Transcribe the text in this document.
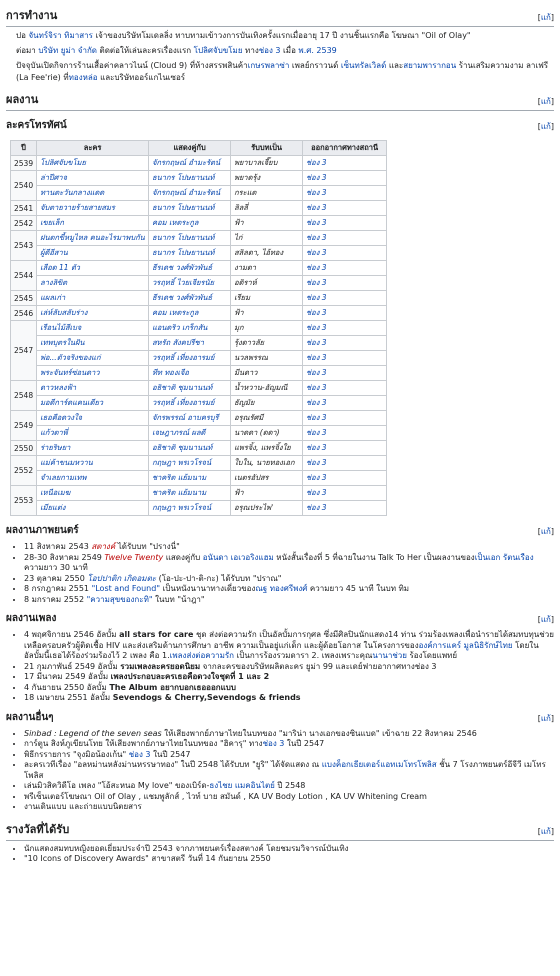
การทำงาน	[แก้]

ปอ จันทร์จิรา ทิมาสาร เจ้าของบริษัทโมเดลลิ่ง ทาบทามเข้าวงการบันเทิงครั้งแรกเมื่ออายุ 17 ปี งานชิ้นแรกคือ โฆษณา "Oil of Olay"

ต่อมา บริษัท ยูม่า จำกัด ติดต่อให้เล่นละครเรื่องแรก โปลิศจับขโมย ทางช่อง 3 เมื่อ พ.ศ. 2539

ปัจจุบันเปิดกิจการร้านเสื้อค่าคลาวไนน์ (Cloud 9) ที่ห้างสรรพสินค้าเกษรพลาซ่า เพลย์กราวนด์ เซ็นทรัลเวิลด์ และสยามพารากอน ร้านเสริมความงาม ลาเฟรี (La Fee'rie) ที่ทองหล่อ และบริษัทออร์แกไนเซอร์

ผลงาน	[แก้]
ละครโทรทัศน์	[แก้]
ปี	ละคร	แสดงคู่กับ	รับบทเป็น	ออกอากาศทางสถานี
2539	โปลิศจับขโมย	จักรกฤษณ์ อำมะรัตน์	พยาบาลเจี๊ยบ	ช่อง 3
2540	ล่าปีศาจ	ธนากร โปษยานนท์	พยาดรุ้ง	ช่อง 3
	ทานตะวันกลางแดด	จักรกฤษณ์ อำมะรัตน์	กระแต	ช่อง 3
2541	จับตายวายร้ายสายสมร	ธนากร โปษยานนท์	ลิลลี่	ช่อง 3
2542	เขยเล็ก	คอม เหตระกูล	ฟ้า	ช่อง 3
2543	ฝนตกขี้หมูไหล คนอะไรมาพบกัน	ธนากร โปษยานนท์	ไก่	ช่อง 3
	ผู้ดีอีสาน	ธนากร โปษยานนท์	สลิลดา, ไอ้ทอง	ช่อง 3
2544	เลือด 11 ตัว	ธีรเดช วงศ์พัวพันธ์	งามดา	ช่อง 3
	ลางลิขิต	วรฤทธิ์ ไวยเจียรนัย	อดิราห์	ช่อง 3
2545	แผลเก่า	ธีรเดช วงศ์พัวพันธ์	เรียม	ช่อง 3
2546	เล่ห์ลับสลับร่าง	คอม เหตระกูล	ฟ้า	ช่อง 3
2547	เรือนไม้สีเบจ	แอนดริว เกร็กสัน	มุก	ช่อง 3
	เทพบุตรในฝัน	สหรัถ สังคปรีชา	รุ้งดาวลัย	ช่อง 3
	พ่อ...ตัวจริงของแก่	วรฤทธิ์ เที่ยงอารมย์	นวลพรรณ	ช่อง 3
	พระจันทร์ซ่อนดาว	ทีท ทองเจือ	มีนดาว	ช่อง 3
2548	ดาวหลงฟ้า	อธิชาติ ชุมนานนท์	น้ำหวาน-อัญมณี	ช่อง 3
	มอดีการ์ดแคนเดียว	วรฤทธิ์ เที่ยงอารมย์	ธัญมัย	ช่อง 3
2549	เธอคือดวงใจ	จักรพรรณ์ อาบครบุรี	อรุณรัศมี	ช่อง 3
	แก้วตาพี่	เจษฎาภรณ์ ผลดี	นาดดา (ดดา)	ช่อง 3
2550	ร่ายริษยา	อธิชาติ ชุมนานนท์	แพรจิ้ง, แพรจิ้งใย	ช่อง 3
2552	แม่ค้าขนมหวาน	กฤษฎา พรเวโรจน์	ใบใน, นายทองเอก	ช่อง 3
	จำเลยกามเทพ	ชาคริต แย้มนาม	เนตรอัปสร	ช่อง 3
2553	เหนือเมฆ	ชาคริต แย้มนาม	ฟ้า	ช่อง 3
	เมียแต่ง	กฤษฎา พรเวโรจน์	อรุณประไพ'	ช่อง 3
ผลงานภาพยนตร์	[แก้]
• 11 สิงหาคม 2543 สตางค์ ได้รับบท "ปรางนี่"
• 28-30 สิงหาคม 2549 Twelve Twenty แสดงคู่กับ อนันดา เอเวอริงแฮม หนังสั้นเรื่องที่ 5 ที่ฉายในงาน Talk To Her เป็นผลงานของเป็นเอก รัตนเรือง ความยาว 30 นาที
• 23 ตุลาคม 2550 โอปปาติก เกิดอมตะ (โอ-ปะ-ปา-ติ-กะ) ได้รับบท "ปราณ"
• 8 กรกฎาคม 2551 "Lost and Found" เป็นหนังนานาทางเดี่ยวของณฐ ทองศรีพงศ์ ความยาว 45 นาที ในบท ทิม
• 8 มกราคม 2552 "ความสุขของกะทิ" ในบท "น้าฎา"
ผลงานเพลง	[แก้]
• 4 พฤศจิกายน 2546 อัลบั้ม all stars for care ชุด ส่งต่อความรัก เป็นอัลบั้มการกุศล ซึ่งมีศิลปินนักแสดง14 ท่าน ร่วมร้องเพลงเพื่อนำรายได้สมทบทุนช่วยเหลือครอบครัวผู้ติดเชื้อ HIV และส่งเสริมด้านการศึกษา อาชีพ ความเป็นอยู่แก่เด็ก และผู้ด้อยโอกาส ในโครงการขององค์การแคร์ มูลนิธิรักษ์ไทย โดยในอัลบั้มนี้เธอได้ร้องร่วมร้องไว้ 2 เพลง คือ 1.เพลงส่งต่อความรัก เป็นการร้องรวมดารา 2. เพลงเพราะคุณนานาช่วย ร้องโดยแพทย์
• 21 กุมภาพันธ์ 2549 อัลบั้ม รวมเพลงละครยอดนิยม จากละครของบริษัทผลิตละคร ยูม่า 99 และเดย์ฟายอากาศทางช่อง 3
• 17 มีนาคม 2549 อัลบั้ม เพลงประกอบละครเธอคือดวงใจชุดที่ 1 และ 2
• 4 กันยายน 2550 อัลบั้ม The Album อยากบอกเธอออกแบบ
• 18 เมษายน 2551 อัลบั้ม Sevendogs & Cherry,Sevendogs & friends
ผลงานอื่นๆ	[แก้]
• Sinbad : Legend of the seven seas ให้เสียงพากย์ภาษาไทยในบทของ "มาริน่า นางเอกของซินแบด" เข้าฉาย 22 สิงหาคม 2546
• การ์ตูน สิงห์ภูเขียนโทย ให้เสียงพากย์ภาษาไทยในบทของ "ฮิคารุ" ทางช่อง 3 ในปี 2547
• พิธีกรรายการ "จุงมิอน้องเก้น" ช่อง 3 ในปี 2547
• ละครเวทีเรื่อง "อลหม่านหลังม่านหรรษาทอง" ในปี 2548 ได้รับบท "ยูริ" ได้จัดแสดง ณ แบงค็อกเธียเตอร์แอทเมโทรโพลิส ชั้น 7 โรงภาพยนตร์อีจีวี เมโทรโพลิส
• เล่นมิวสิควิดีโอ เพลง "โอ้สะหนอ My love" ของเบิร์ด-ธงไชย แมคอินไตย์ ปี 2548
• พรีเซ็นเตอร์โฆษณา Oil of Olay , แชมพูลักส์ , ไวท์ บาย สมันด์ , KA UV Body Lotion , KA UV Whitening Cream
• งานเดินแบบ และถ่ายแบบนิตยสาร
รางวัลที่ได้รับ	[แก้]
• นักแสดงสมทบหญิงยอดเยี่ยมประจำปี 2543 จากภาพยนตร์เรื่องสตางค์ โดยชมรมวิจารณ์บันเทิง
• "10 Icons of Discovery Awards" สาขาสตรี วันที่ 14 กันยายน 2550
